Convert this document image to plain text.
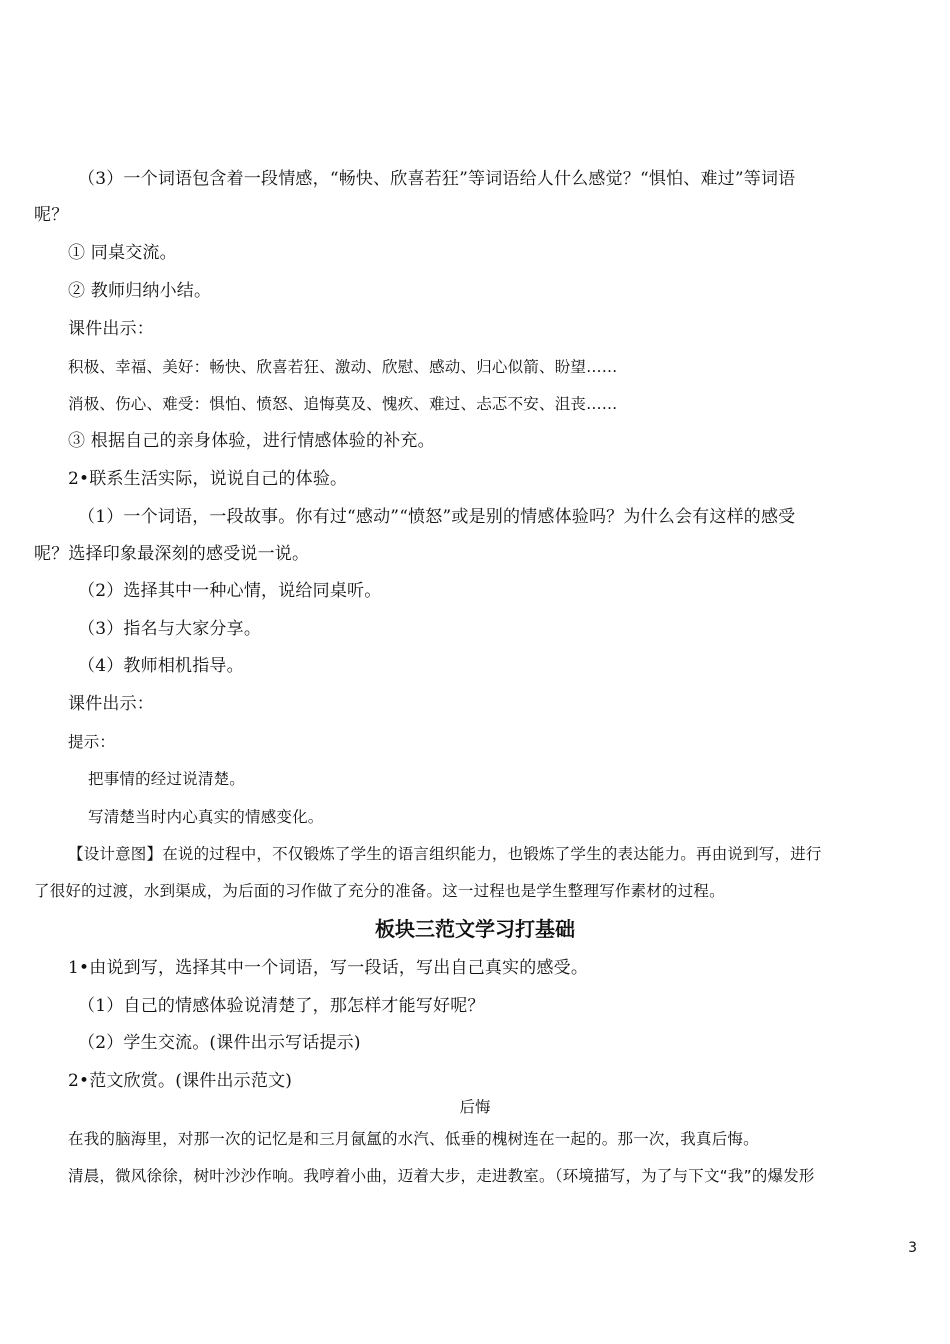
（3）一个词语包含着一段情感，“畅快、欣喜若狂”等词语给人什么感觉？“惧怕、难过”等词语
呢？
① 同桌交流。
② 教师归纳小结。
课件出示：
积极、幸福、美好：畅快、欣喜若狂、激动、欣慰、感动、归心似箭、盼望……
消极、伤心、难受：惧怕、愤怒、追悔莫及、愧疚、难过、忐忑不安、沮丧……
③ 根据自己的亲身体验，进行情感体验的补充。
2•联系生活实际，说说自己的体验。
（1）一个词语，一段故事。你有过“感动”“愤怒”或是别的情感体验吗？为什么会有这样的感受
呢？选择印象最深刻的感受说一说。
（2）选择其中一种心情，说给同桌听。
（3）指名与大家分享。
（4）教师相机指导。
课件出示：
提示：
把事情的经过说清楚。
写清楚当时内心真实的情感变化。
【设计意图】在说的过程中，不仅锻炼了学生的语言组织能力，也锻炼了学生的表达能力。再由说到写，进行
了很好的过渡，水到渠成，为后面的习作做了充分的准备。这一过程也是学生整理写作素材的过程。
板块三范文学习打基础
1•由说到写，选择其中一个词语，写一段话，写出自己真实的感受。
（1）自己的情感体验说清楚了，那怎样才能写好呢？
（2）学生交流。(课件出示写话提示)
2•范文欣赏。(课件出示范文)
后悔
在我的脑海里，对那一次的记忆是和三月氤氲的水汽、低垂的槐树连在一起的。那一次，我真后悔。
清晨，微风徐徐，树叶沙沙作响。我哼着小曲，迈着大步，走进教室。（环境描写，为了与下文“我”的爆发形
3
